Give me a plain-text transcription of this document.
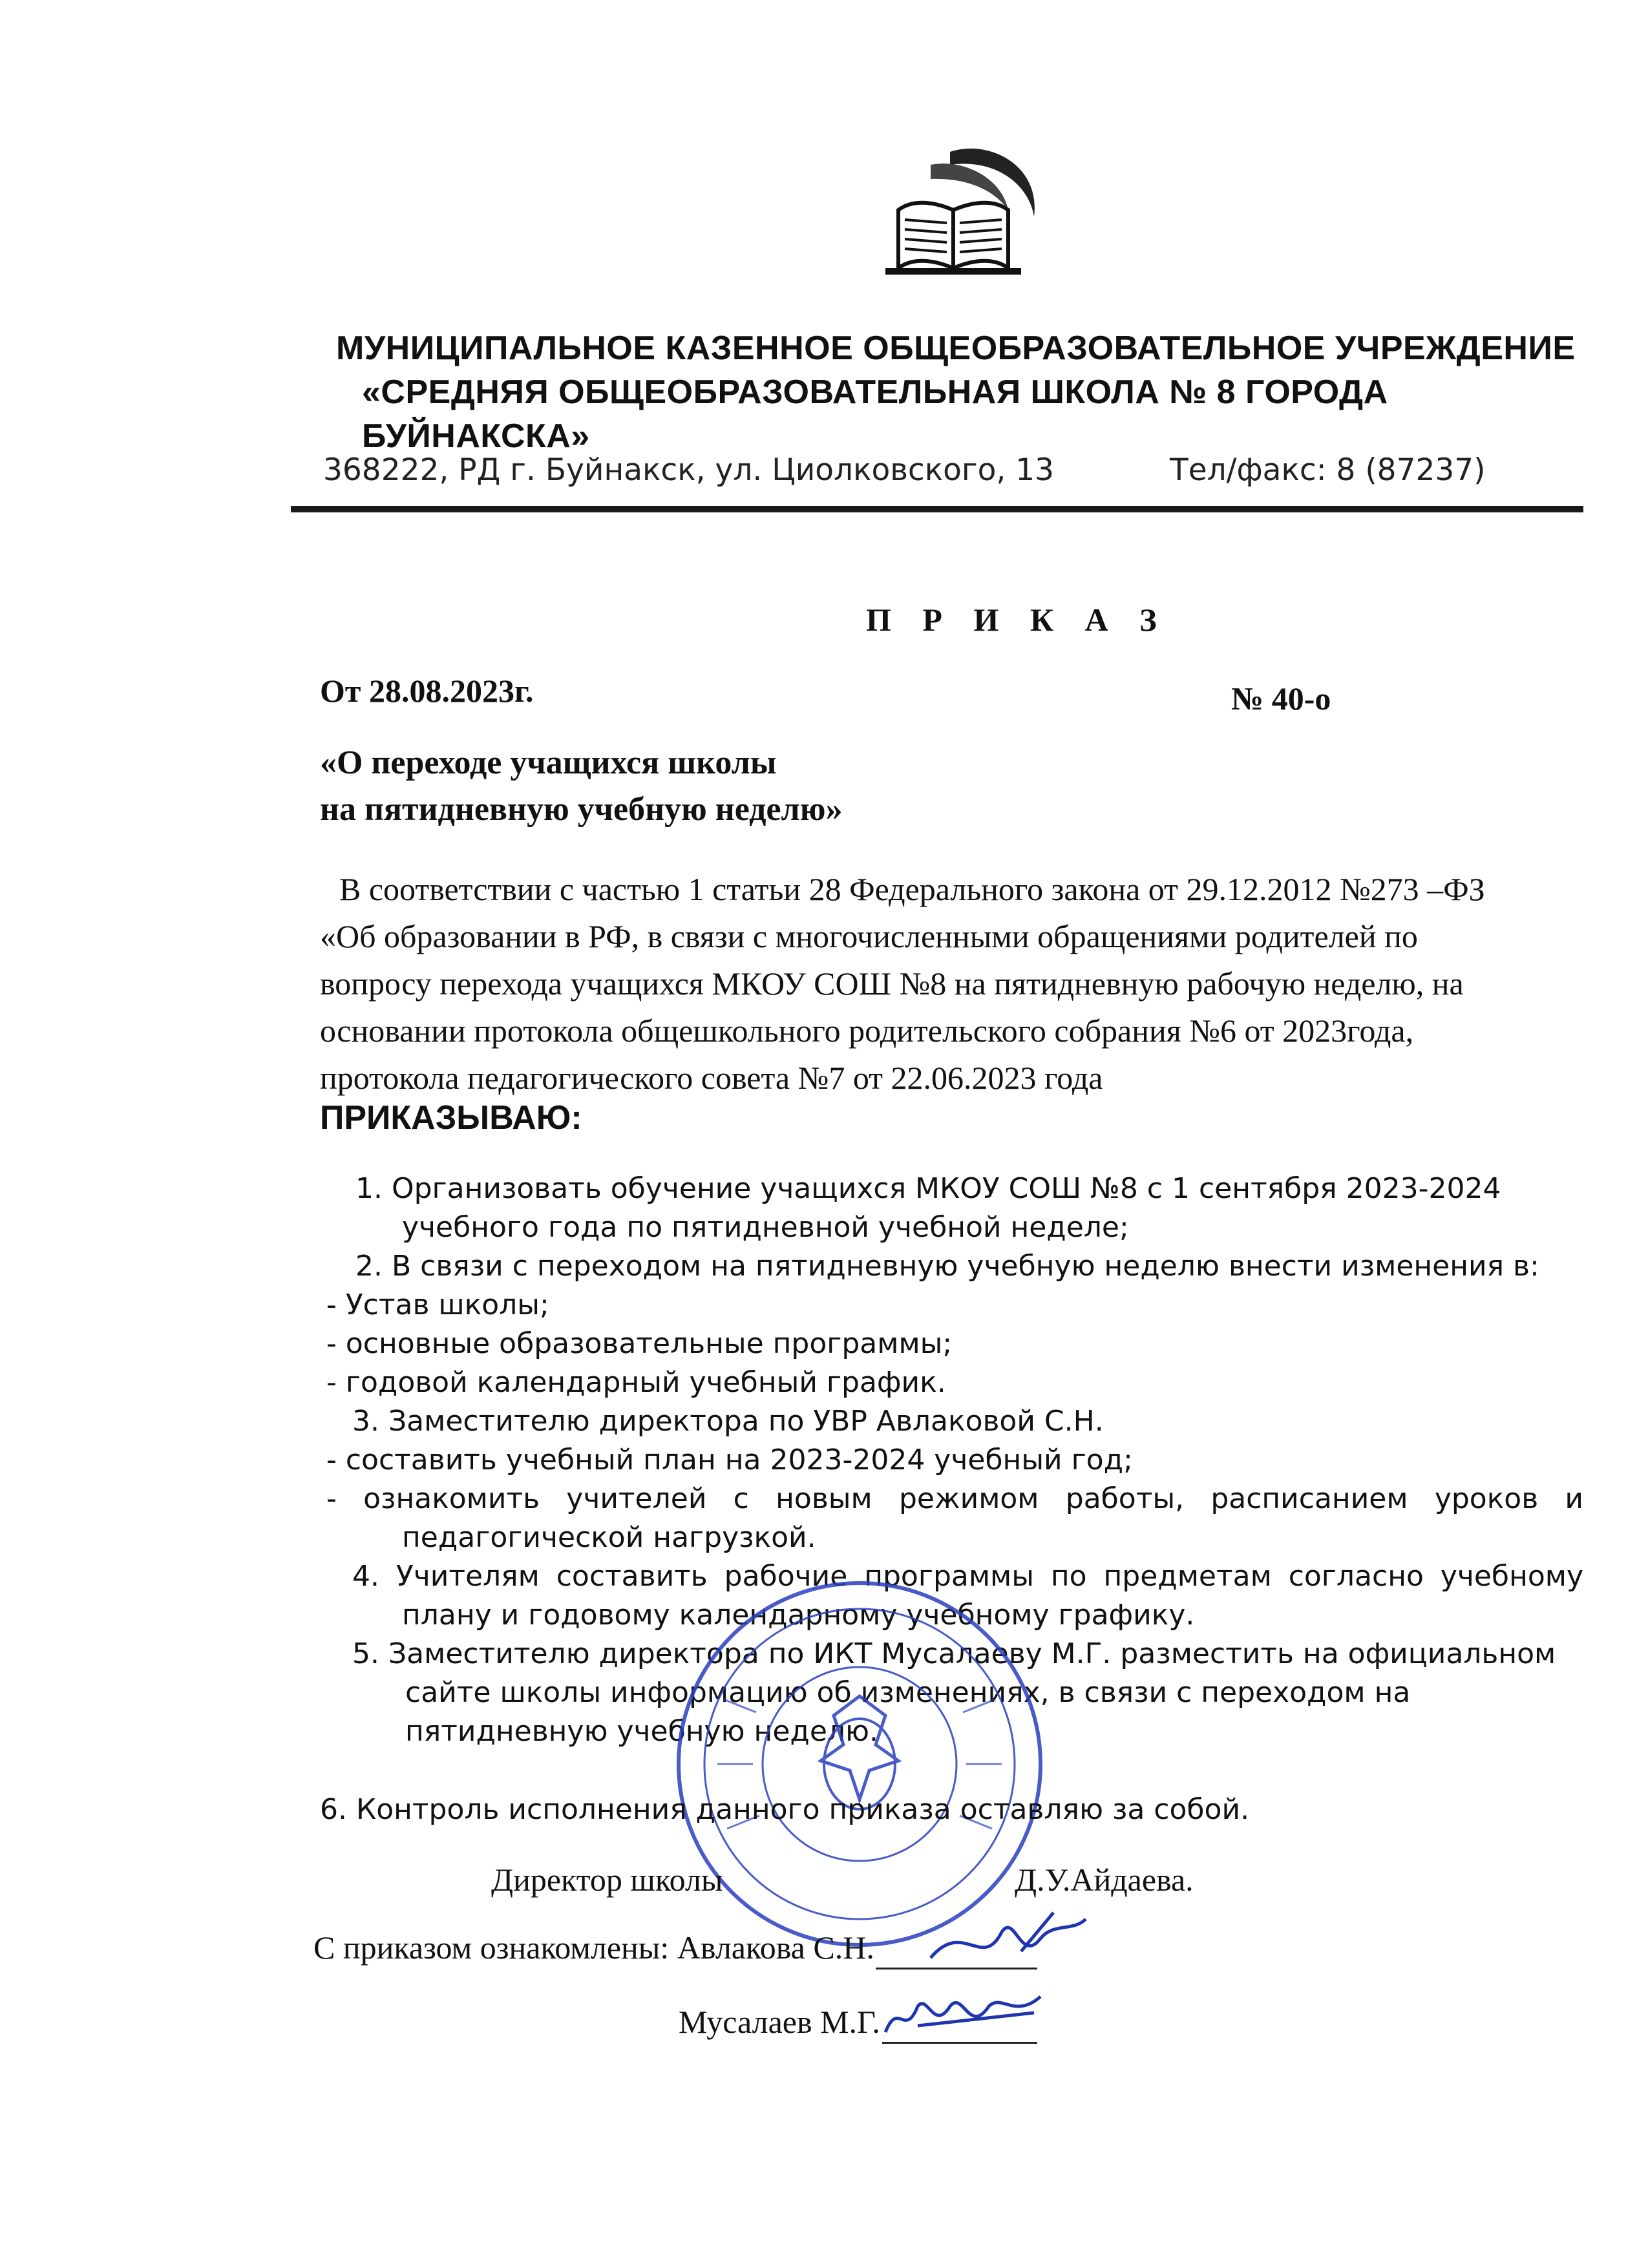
МУНИЦИПАЛЬНОЕ КАЗЕННОЕ ОБЩЕОБРАЗОВАТЕЛЬНОЕ УЧРЕЖДЕНИЕ
«СРЕДНЯЯ ОБЩЕОБРАЗОВАТЕЛЬНАЯ ШКОЛА № 8 ГОРОДА БУЙНАКСКА»
368222, РД г. Буйнакск, ул. Циолковского, 13	Тел/факс: 8 (87237)
П Р И К А З
От 28.08.2023г.	№ 40-о
«О переходе учащихся школы
на пятидневную учебную неделю»
В соответствии с частью 1 статьи 28 Федерального закона от 29.12.2012 №273 –ФЗ «Об образовании в РФ, в связи с многочисленными обращениями родителей по вопросу перехода учащихся МКОУ СОШ №8 на пятидневную рабочую неделю, на основании протокола общешкольного родительского собрания №6 от 2023года, протокола педагогического совета №7 от 22.06.2023 года
ПРИКАЗЫВАЮ:
1. Организовать обучение учащихся МКОУ СОШ №8 с 1 сентября 2023-2024 учебного года по пятидневной учебной неделе;
2. В связи с переходом на пятидневную учебную неделю внести изменения в:
- Устав школы;
- основные образовательные программы;
- годовой календарный учебный график.
3. Заместителю директора по УВР Авлаковой С.Н.
- составить учебный план на 2023-2024 учебный год;
- ознакомить учителей с новым режимом работы, расписанием уроков и педагогической нагрузкой.
4. Учителям составить рабочие программы по предметам согласно учебному плану и годовому календарному учебному графику.
5. Заместителю директора по ИКТ Мусалаеву М.Г. разместить на официальном сайте школы информацию об изменениях, в связи с переходом на пятидневную учебную неделю.
6. Контроль исполнения данного приказа оставляю за собой.
Директор школы	Д.У.Айдаева.
С приказом ознакомлены: Авлакова С.Н.
Мусалаев М.Г.
